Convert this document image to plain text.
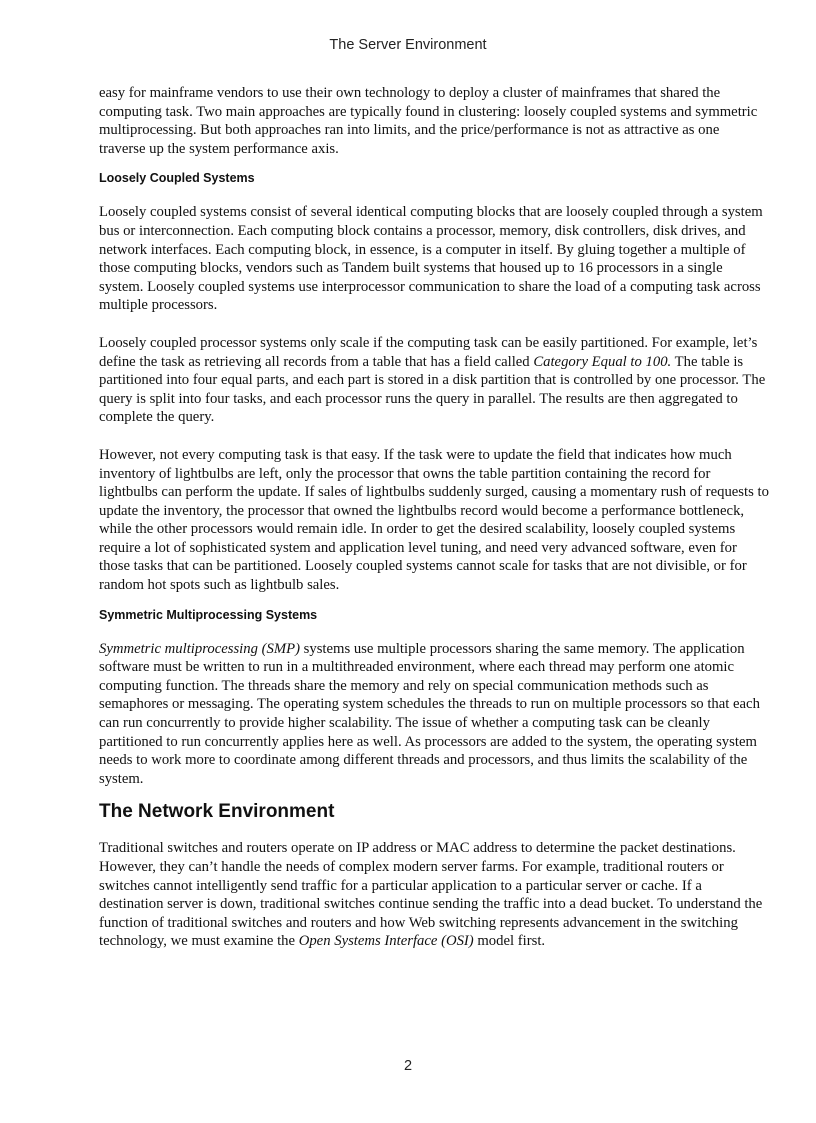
The Server Environment

easy for mainframe vendors to use their own technology to deploy a cluster of mainframes that shared the computing task. Two main approaches are typically found in clustering: loosely coupled systems and symmetric multiprocessing. But both approaches ran into limits, and the price/performance is not as attractive as one traverse up the system performance axis.

Loosely Coupled Systems

Loosely coupled systems consist of several identical computing blocks that are loosely coupled through a system bus or interconnection. Each computing block contains a processor, memory, disk controllers, disk drives, and network interfaces. Each computing block, in essence, is a computer in itself. By gluing together a multiple of those computing blocks, vendors such as Tandem built systems that housed up to 16 processors in a single system. Loosely coupled systems use interprocessor communication to share the load of a computing task across multiple processors.

Loosely coupled processor systems only scale if the computing task can be easily partitioned. For example, let’s define the task as retrieving all records from a table that has a field called Category Equal to 100. The table is partitioned into four equal parts, and each part is stored in a disk partition that is controlled by one processor. The query is split into four tasks, and each processor runs the query in parallel. The results are then aggregated to complete the query.

However, not every computing task is that easy. If the task were to update the field that indicates how much inventory of lightbulbs are left, only the processor that owns the table partition containing the record for lightbulbs can perform the update. If sales of lightbulbs suddenly surged, causing a momentary rush of requests to update the inventory, the processor that owned the lightbulbs record would become a performance bottleneck, while the other processors would remain idle. In order to get the desired scalability, loosely coupled systems require a lot of sophisticated system and application level tuning, and need very advanced software, even for those tasks that can be partitioned. Loosely coupled systems cannot scale for tasks that are not divisible, or for random hot spots such as lightbulb sales.

Symmetric Multiprocessing Systems

Symmetric multiprocessing (SMP) systems use multiple processors sharing the same memory. The application software must be written to run in a multithreaded environment, where each thread may perform one atomic computing function. The threads share the memory and rely on special communication methods such as semaphores or messaging. The operating system schedules the threads to run on multiple processors so that each can run concurrently to provide higher scalability. The issue of whether a computing task can be cleanly partitioned to run concurrently applies here as well. As processors are added to the system, the operating system needs to work more to coordinate among different threads and processors, and thus limits the scalability of the system.

The Network Environment

Traditional switches and routers operate on IP address or MAC address to determine the packet destinations. However, they can’t handle the needs of complex modern server farms. For example, traditional routers or switches cannot intelligently send traffic for a particular application to a particular server or cache. If a destination server is down, traditional switches continue sending the traffic into a dead bucket. To understand the function of traditional switches and routers and how Web switching represents advancement in the switching technology, we must examine the Open Systems Interface (OSI) model first.

2
